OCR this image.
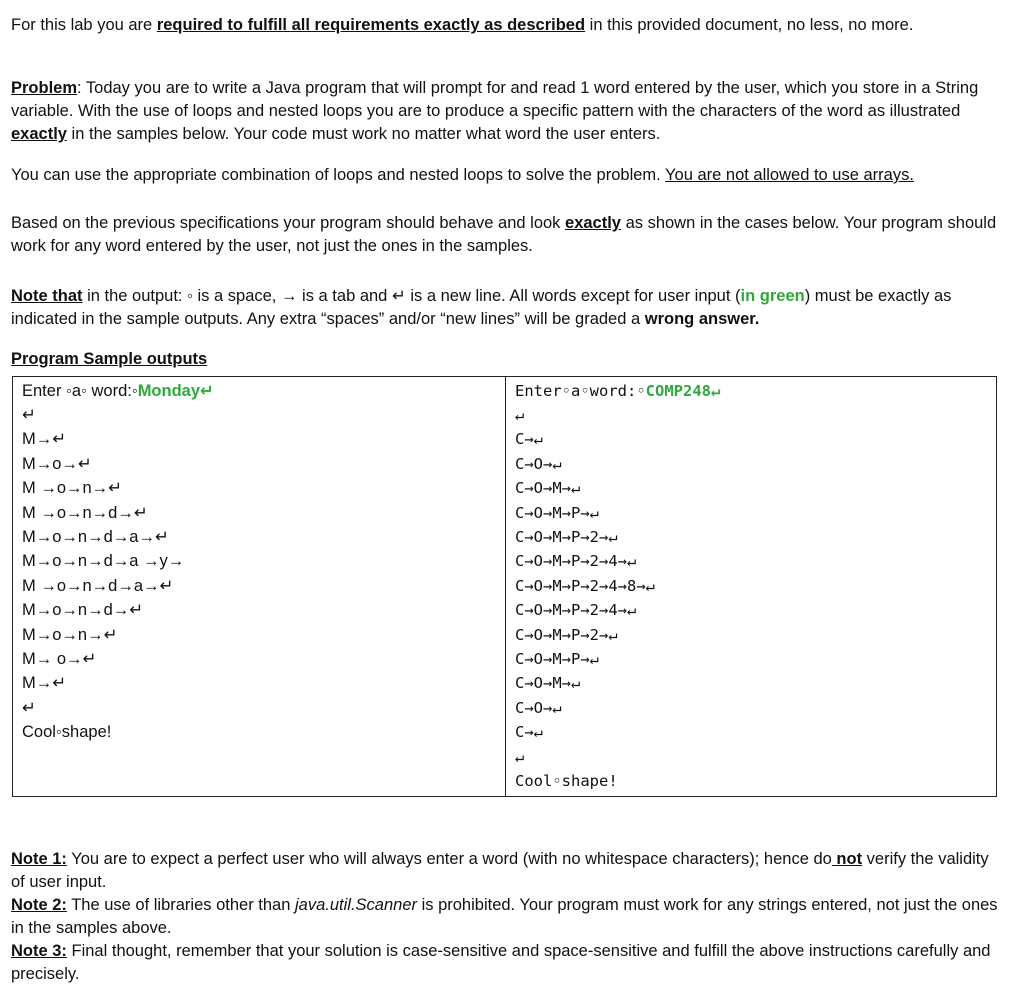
For this lab you are required to fulfill all requirements exactly as described in this provided document, no less, no more.

Problem: Today you are to write a Java program that will prompt for and read 1 word entered by the user, which you store in a String variable. With the use of loops and nested loops you are to produce a specific pattern with the characters of the word as illustrated exactly in the samples below. Your code must work no matter what word the user enters.

You can use the appropriate combination of loops and nested loops to solve the problem. You are not allowed to use arrays.

Based on the previous specifications your program should behave and look exactly as shown in the cases below. Your program should work for any word entered by the user, not just the ones in the samples.

Note that in the output: ◦ is a space, → is a tab and ↵ is a new line. All words except for user input (in green) must be exactly as indicated in the sample outputs. Any extra “spaces” and/or “new lines” will be graded a wrong answer.

Program Sample outputs

Enter ◦a◦ word:◦Monday↵
↵
M→↵
M→o→↵
M →o→n→↵
M →o→n→d→↵
M→o→n→d→a→↵
M→o→n→d→a →y→
M →o→n→d→a→↵
M→o→n→d→↵
M→o→n→↵
M→ o→↵
M→↵
↵
Cool◦shape!
Enter◦a◦word:◦COMP248↵
↵
C→↵
C→O→↵
C→O→M→↵
C→O→M→P→↵
C→O→M→P→2→↵
C→O→M→P→2→4→↵
C→O→M→P→2→4→8→↵
C→O→M→P→2→4→↵
C→O→M→P→2→↵
C→O→M→P→↵
C→O→M→↵
C→O→↵
C→↵
↵
Cool◦shape!

Note 1: You are to expect a perfect user who will always enter a word (with no whitespace characters); hence do not verify the validity of user input.

Note 2: The use of libraries other than java.util.Scanner is prohibited. Your program must work for any strings entered, not just the ones in the samples above.

Note 3: Final thought, remember that your solution is case-sensitive and space-sensitive and fulfill the above instructions carefully and precisely.
